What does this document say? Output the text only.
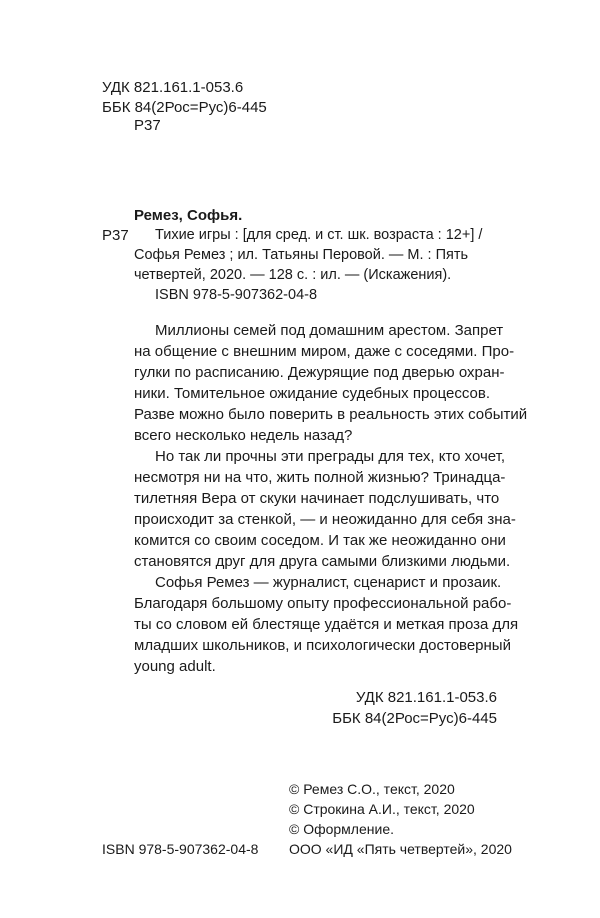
УДК 821.161.1-053.6
ББК 84(2Рос=Рус)6-445
Р37
Ремез, Софья.
Р37 Тихие игры : [для сред. и ст. шк. возраста : 12+] /
Софья Ремез ; ил. Татьяны Перовой. — М. : Пять
четвертей, 2020. — 128 с. : ил. — (Искажения).
ISBN 978-5-907362-04-8
Миллионы семей под домашним арестом. Запрет
на общение с внешним миром, даже с соседями. Про-
гулки по расписанию. Дежурящие под дверью охран-
ники. Томительное ожидание судебных процессов.
Разве можно было поверить в реальность этих событий
всего несколько недель назад?
Но так ли прочны эти преграды для тех, кто хочет,
несмотря ни на что, жить полной жизнью? Тринадца-
тилетняя Вера от скуки начинает подслушивать, что
происходит за стенкой, — и неожиданно для себя зна-
комится со своим соседом. И так же неожиданно они
становятся друг для друга самыми близкими людьми.
Софья Ремез — журналист, сценарист и прозаик.
Благодаря большому опыту профессиональной рабо-
ты со словом ей блестяще удаётся и меткая проза для
младших школьников, и психологически достоверный
young adult.
УДК 821.161.1-053.6
ББК 84(2Рос=Рус)6-445
© Ремез С.О., текст, 2020
© Строкина А.И., текст, 2020
© Оформление.
ISBN 978-5-907362-04-8 ООО «ИД «Пять четвертей», 2020
